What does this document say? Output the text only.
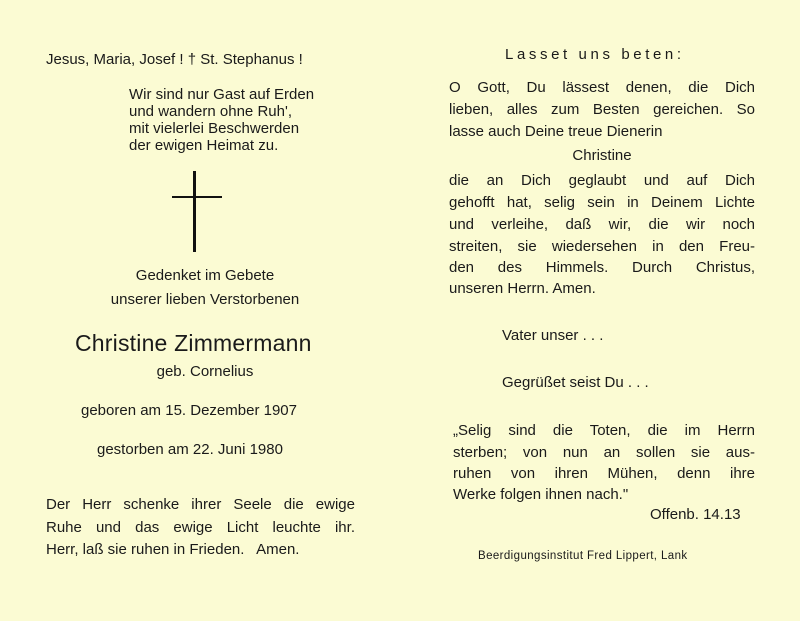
Jesus, Maria, Josef ! † St. Stephanus !
Wir sind nur Gast auf Erden
und wandern ohne Ruh',
mit vielerlei Beschwerden
der ewigen Heimat zu.
Gedenket im Gebete
unserer lieben Verstorbenen
Christine Zimmermann
geb. Cornelius
geboren am 15. Dezember 1907
gestorben am 22. Juni 1980
Der Herr schenke ihrer Seele die ewige
Ruhe und das ewige Licht leuchte ihr.
Herr, laß sie ruhen in Frieden.   Amen.
Lasset uns beten:
O Gott, Du lässest denen, die Dich
lieben, alles zum Besten gereichen. So
lasse auch Deine treue Dienerin
Christine
die an Dich geglaubt und auf Dich
gehofft hat, selig sein in Deinem Lichte
und verleihe, daß wir, die wir noch
streiten, sie wiedersehen in den Freu-
den des Himmels. Durch Christus,
unseren Herrn. Amen.
Vater unser . . .
Gegrüßet seist Du . . .
„Selig sind die Toten, die im Herrn
sterben; von nun an sollen sie aus-
ruhen von ihren Mühen, denn ihre
Werke folgen ihnen nach."
Offenb. 14.13
Beerdigungsinstitut Fred Lippert, Lank
